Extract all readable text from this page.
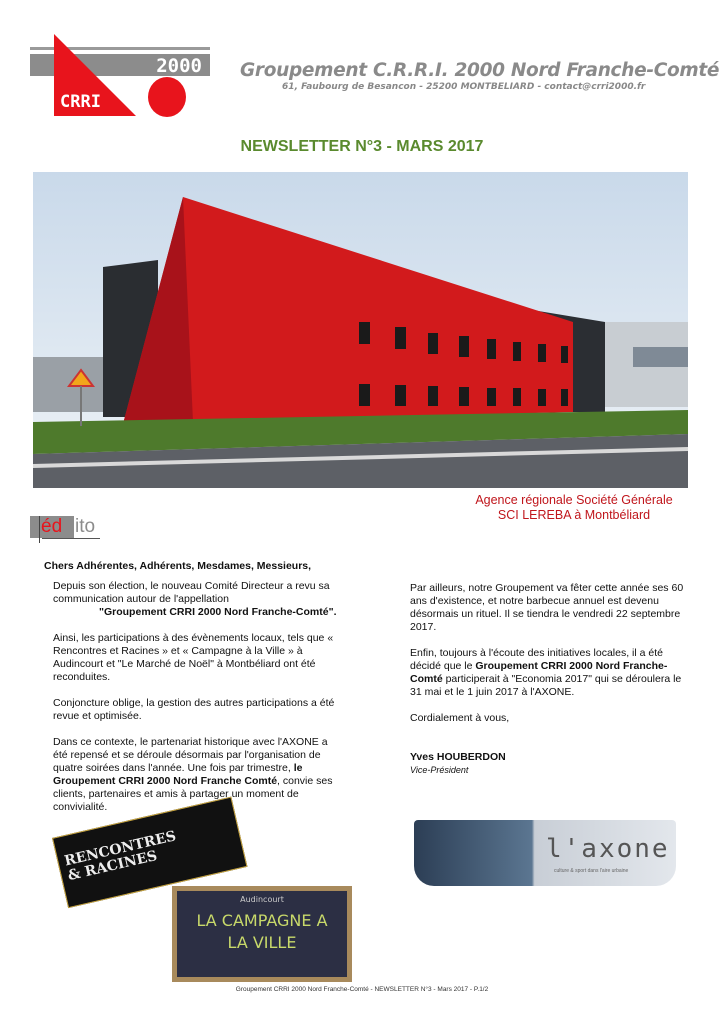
2000
CRRI
Groupement C.R.R.I. 2000 Nord Franche-Comté
61, Faubourg de Besancon - 25200 MONTBELIARD - contact@crri2000.fr
NEWSLETTER N°3 - MARS 2017
Agence régionale Société Générale
SCI LEREBA à Montbéliard
éd ito
Chers Adhérentes, Adhérents, Mesdames, Messieurs,
Depuis son élection, le nouveau Comité Directeur a revu sa communication autour de l'appellation

"Groupement CRRI 2000 Nord Franche-Comté".
Ainsi, les participations à des évènements locaux, tels que « Rencontres et Racines » et « Campagne à la Ville » à Audincourt et "Le Marché de Noël" à Montbéliard ont été reconduites.
Conjoncture oblige, la gestion des autres participations a été revue et optimisée.
Dans ce contexte, le partenariat historique avec l'AXONE a été repensé et se déroule désormais par l'organisation de quatre soirées dans l'année. Une fois par trimestre, le Groupement CRRI 2000 Nord Franche Comté, convie ses clients, partenaires et amis à partager un moment de convivialité.
Par ailleurs, notre Groupement va fêter cette année ses 60 ans d'existence, et notre barbecue annuel est devenu désormais un rituel. Il se tiendra le vendredi 22 septembre 2017.
Enfin, toujours à l'écoute des initiatives locales, il a été décidé que le Groupement CRRI 2000 Nord Franche-Comté participerait à "Economia 2017" qui se déroulera le 31 mai et le 1 juin 2017 à l'AXONE.
Cordialement à vous,
Yves HOUBERDON
Vice-Président
RENCONTRES & RACINES
Audincourt
LA CAMPAGNE A LA VILLE
l'axone
culture & sport dans l'aire urbaine
Groupement CRRI 2000 Nord Franche-Comté - NEWSLETTER N°3 - Mars 2017 - P.1/2
